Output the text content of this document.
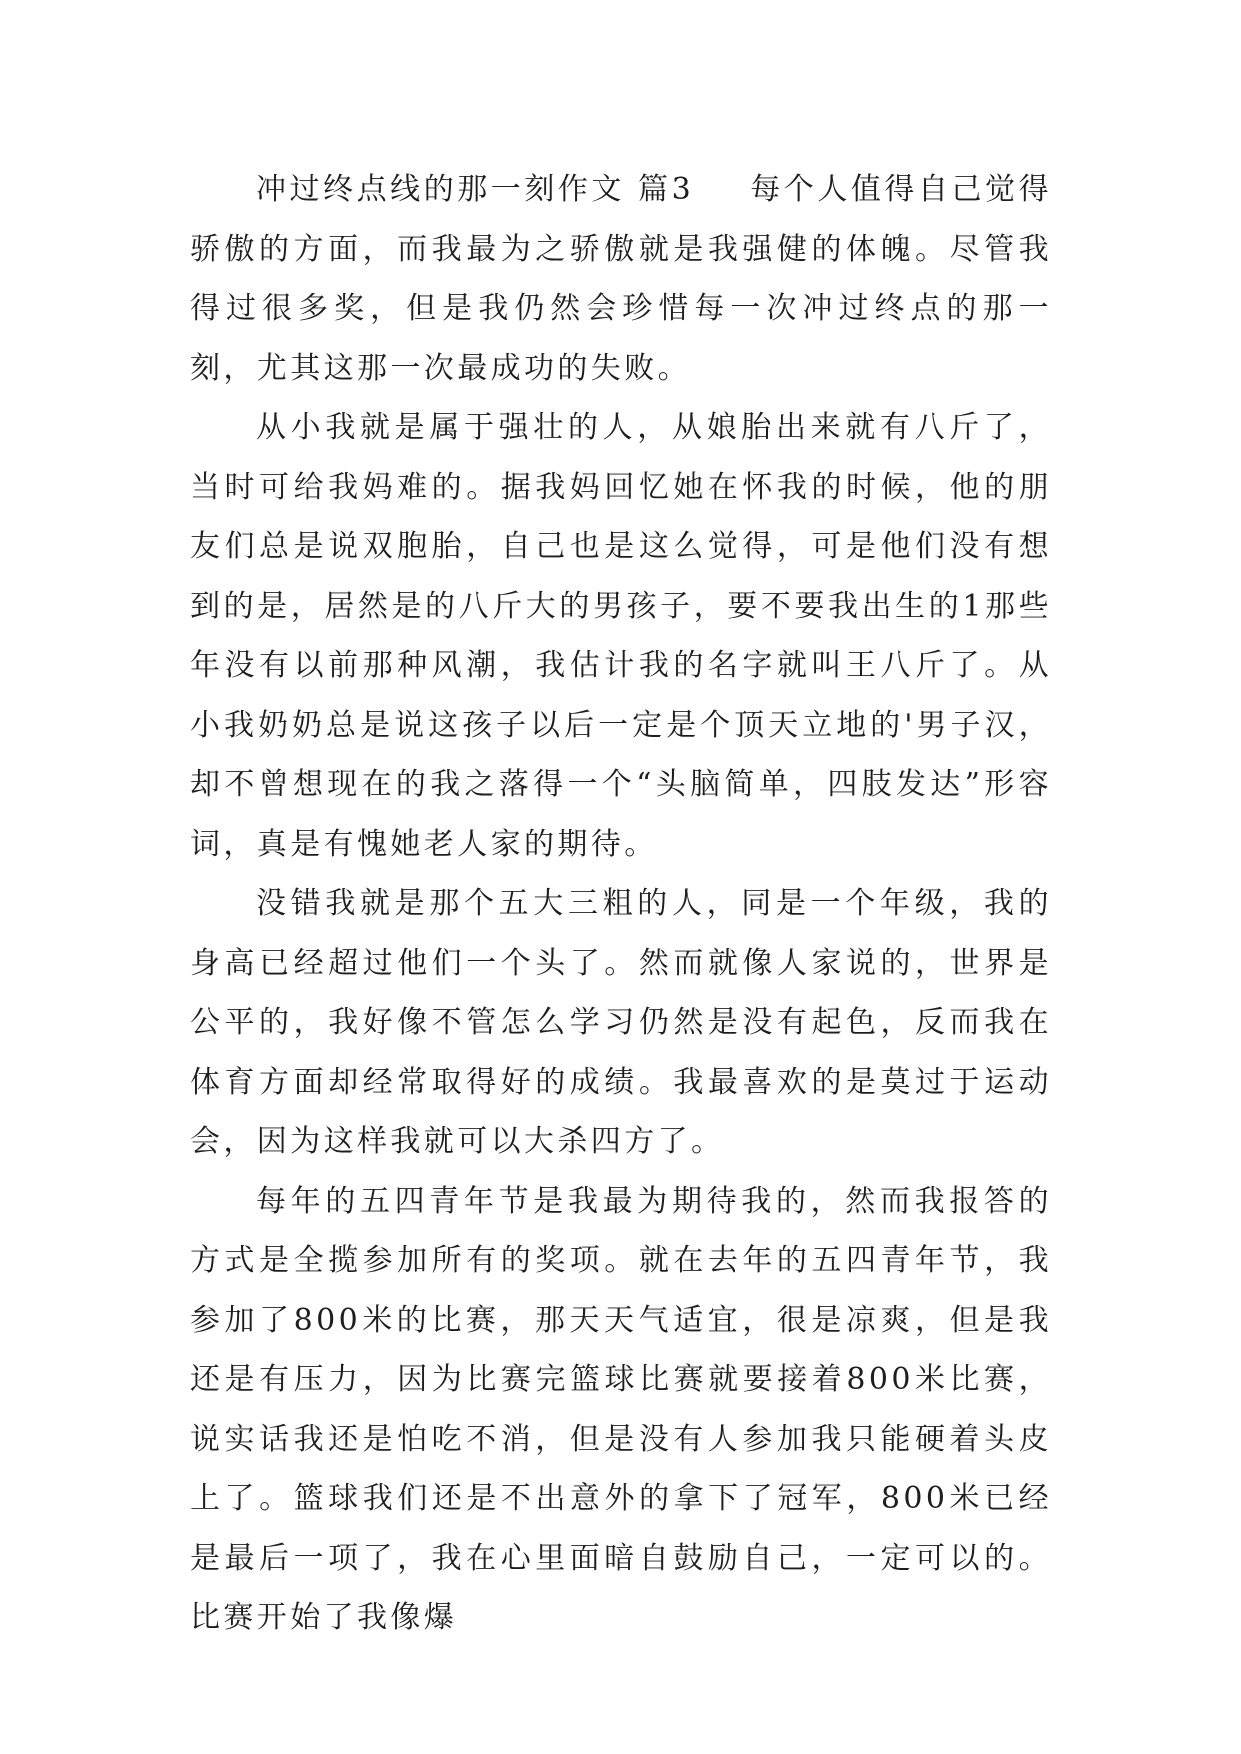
冲过终点线的那一刻作文 篇3 每个人值得自己觉得骄傲的方面，而我最为之骄傲就是我强健的体魄。尽管我得过很多奖，但是我仍然会珍惜每一次冲过终点的那一刻，尤其这那一次最成功的失败。

从小我就是属于强壮的人，从娘胎出来就有八斤了，当时可给我妈难的。据我妈回忆她在怀我的时候，他的朋友们总是说双胞胎，自己也是这么觉得，可是他们没有想到的是，居然是的八斤大的男孩子，要不要我出生的1那些年没有以前那种风潮，我估计我的名字就叫王八斤了。从小我奶奶总是说这孩子以后一定是个顶天立地的'男子汉，却不曾想现在的我之落得一个“头脑简单，四肢发达”形容词，真是有愧她老人家的期待。

没错我就是那个五大三粗的人，同是一个年级，我的身高已经超过他们一个头了。然而就像人家说的，世界是公平的，我好像不管怎么学习仍然是没有起色，反而我在体育方面却经常取得好的成绩。我最喜欢的是莫过于运动会，因为这样我就可以大杀四方了。

每年的五四青年节是我最为期待我的，然而我报答的方式是全揽参加所有的奖项。就在去年的五四青年节，我参加了800米的比赛，那天天气适宜，很是凉爽，但是我还是有压力，因为比赛完篮球比赛就要接着800米比赛，说实话我还是怕吃不消，但是没有人参加我只能硬着头皮上了。篮球我们还是不出意外的拿下了冠军，800米已经是最后一项了，我在心里面暗自鼓励自己，一定可以的。比赛开始了我像爆
